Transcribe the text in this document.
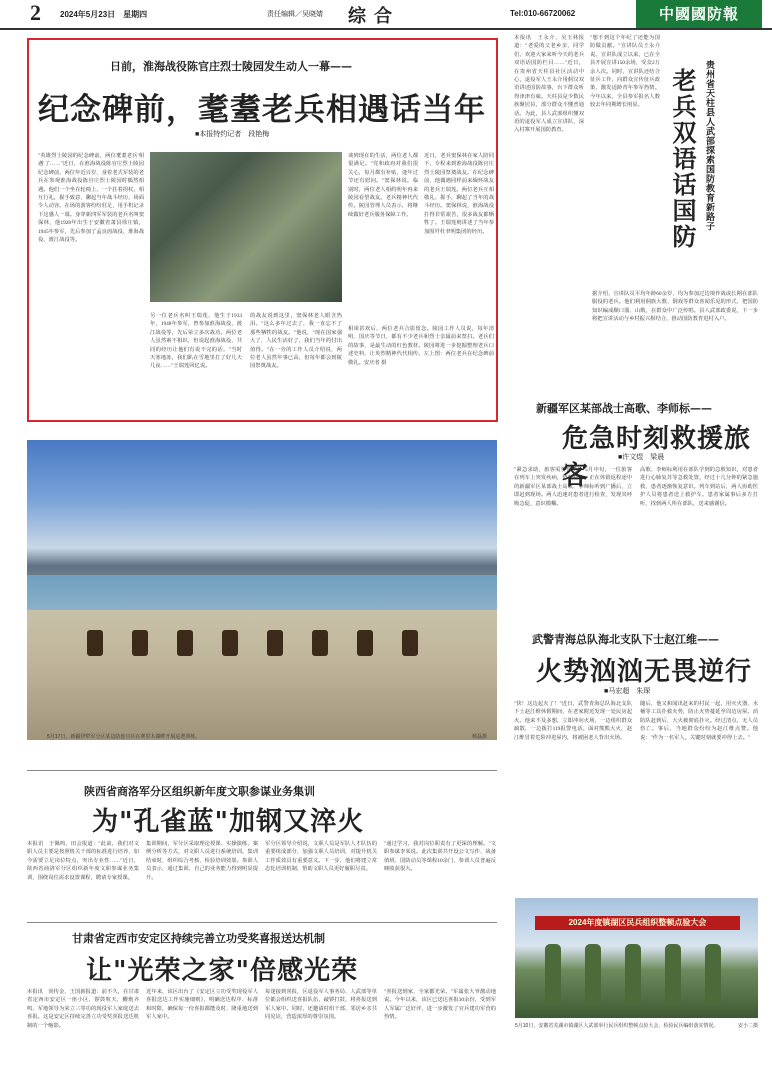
2 2024年5月23日　星期四	责任编辑／吴晓婧 综合	Tel:010-66720062	中國國防報
日前，淮海战役陈官庄烈士陵园发生动人一幕——
纪念碑前，耄耋老兵相遇话当年
■本报特约记者　段艳梅
"英雄烈士陵园的纪念碑前，两位耄耋老兵'相遇'了……"近日，在淮海战役陈官庄烈士陵园纪念碑前，两位年近百岁、身着老式军装的老兵在参观淮海战役陈官庄烈士陵园时偶然相遇。他们一个坐在轮椅上，一个拄着拐杖，相互行礼，握手致意，聊起当年战斗经历，场面令人动容。在场的游客纷纷驻足，用手机记录下这感人一幕。身穿新四军军装的老兵名叫窦保林，他1928年出生于安徽省萧县徐庄镇，1945年参军，先后参加了孟良崮战役、淮海战役、渡江战役等。
另一位老兵名叫王瑞莲，他生于1933年，1948年参军，曾参加淮海战役、渡江战役等，先后荣立多次战功。两位老人虽然素不相识，但说起淮海战役，共同的经历让他们有说不完的话。"当时天寒地冻，我们趴在雪地里打了好几天几夜……"王瑞莲回忆说。
的战友说到这里，窦保林老人眼含热泪。"这么多年过去了，我一直忘不了那些牺牲的战友。"他说，"现在国家强大了，人民生活好了，我们当年的付出值得。"在一旁的工作人员介绍说，两位老人虽然年事已高，但每年都会到陵园祭奠战友。
谈到现在的生活，两位老人都很满足。"党和政府对我们很关心，每月都有补贴，逢年过节还有慰问。"窦保林说。临别时，两位老人相约明年再来陵园看望战友。老兵精神代代传。陵园管理人员表示，将继续做好老兵服务保障工作。
近日，老兵窦保林在家人陪同下，专程来到淮海战役陈官庄烈士陵园祭奠战友。在纪念碑前，他偶遇同样前来缅怀战友的老兵王瑞莲。两位老兵互相敬礼、握手，聊起了当年的战斗经历。窦保林说，淮海战役打得非常艰苦，很多战友都牺牲了。王瑞莲则讲述了当年参加围歼杜聿明集团的经历。
相谈甚欢后，两位老兵合影留念。陵园工作人员说，每年清明、国庆等节日，都有不少老兵和烈士亲属前来祭扫。老兵们的故事，是最生动的红色教材。陵园将进一步挖掘整理老兵口述史料，让英烈精神代代相传。左上图：两位老兵在纪念碑前敬礼。安庆者 摄
本报讯　王永介、吴玉林报道："老爱的父老乡亲，同学们，欢迎大家来听今天的老兵双语话国防栏目……"近日，在贵州省天柱县社区活动中心，退役军人王永介用侗汉双语讲述国防故事，台下群众听得津津有味。天柱县是少数民族聚居县，部分群众不懂普通话。为此，县人武部组织懂双语的退役军人成立宣讲队，深入村寨开展国防教育。
"想不到这个年纪了还能为国防做贡献。"宣讲队员王永介说。宣讲队成立以来，已在全县开展宣讲150余场，受众2万余人次。同时，宣讲队还结合征兵工作，向群众宣传征兵政策，激发适龄青年参军热情。今年以来，全县参军报名人数较去年同期增长明显。	贵州省天柱县人武部探索国防教育新路子
老兵双语话国防
据介绍，宣讲队员平均年龄60余岁，均为参加过边境作战或长期在部队服役的老兵。他们利用侗族大歌、侗戏等群众喜闻乐见的形式，把国防知识编成顺口溜、山歌，在群众中广泛传唱。县人武部政委说，下一步将把宣讲活动与乡村振兴相结合，推动国防教育进村入户。
新疆军区某部战士高歌、李师标——
危急时刻救援旅客
■许文煜　梁晨
"紧急求助，旅客需要帮助！"5月中旬，一位旅客在列车上突发疾病，情况危急。正在休假返程途中的新疆军区某部战士高歌、李师标听到广播后，立即赶到现场。两人迅速对患者进行检查，发现其呼吸急促、意识模糊。
高歌、李师标利用在部队学到的急救知识，对患者进行心肺复苏等急救处置。经过十几分钟的紧急施救，患者逐渐恢复意识。列车到站后，两人协助医护人员将患者送上救护车。患者家属事后多方打听，找到两人所在部队，送来感谢信。
5月17日，新疆伊犁军分区某边防连官兵在赛里木湖畔开展巡逻训练。	杨磊摄
武警青海总队海北支队下士赵江维——
火势汹汹无畏逆行
■马宏超　朱琛
"快！这边起火了！"近日，武警青海总队海北支队下士赵江维休假期间，在老家附近发现一处民房起火。他来不及多想，立即冲向火场，一边组织群众疏散，一边拨打119报警电话。面对熊熊大火，赵江维冒着危险冲进屋内，将被困老人背出火场。
随后，他又和闻讯赶来的村民一起，用灭火器、水桶等工具扑救火势，防止火势蔓延至周边房屋。消防队赶到后，大火被彻底扑灭。经过清点，无人员伤亡。事后，当地群众纷纷为赵江维点赞。他说："作为一名军人，关键时刻就要冲得上去。"
陕西省商洛军分区组织新年度文职参谋业务集训
为"孔雀蓝"加钢又淬火
本报讯　于佩鸣、田会报道："此前，我们对文职人员主要是按照机关干部的标准进行培养，如今需要立足岗位特点，突出专业性……"近日，陕西省商洛军分区组织新年度文职参谋业务集训，围绕岗位需求设置课程，聘请专家授课。
集训期间，军分区采取理论授课、实操演练、案例分析等方式，对文职人员进行系统培训。集训结束时，组织综合考核，检验培训效果。参训人员表示，通过集训，自己的业务能力得到明显提升。
军分区领导介绍说，文职人员是军队人才队伍的重要组成部分，加强文职人员培训，对提升机关工作质效具有重要意义。下一步，他们将建立常态化培训机制，帮助文职人员更好履职尽责。
"通过学习，我对岗位职责有了更深的理解。"文职参谋李某说。此次集训共开设公文写作、战备值班、国防动员等课程10余门，参训人员普遍反映收获很大。
甘肃省定西市安定区持续完善立功受奖喜报送达机制
让"光荣之家"倍感光荣
本报讯　尚传金、王国新报道：前不久，在甘肃省定西市安定区一座小区，锣鼓喧天，鞭炮齐鸣，军地领导为荣立三等功的现役军人家庭送去喜报。这是安定区持续完善立功受奖喜报送达机制的一个缩影。
近年来，该区出台了《安定区立功受奖现役军人喜报送达工作实施细则》，明确送达程序、标准和时限，确保每一份喜报都能及时、隆重地送到军人家中。
每逢接到喜报，区退役军人事务局、人武部等单位都会组织送喜报队伍，敲锣打鼓，将喜报送到军人家中。同时，还邀请村组干部、邻居乡亲共同见证，营造浓厚的尊崇氛围。
"喜报送到家，全家都光荣。"军属张大爷激动地说。今年以来，该区已送达喜报30余份，受到军人军属广泛好评，进一步激发了官兵建功军营的热情。
2024年度镇湖区民兵组织整顿点验大会
5月10日，安徽省芜湖市镇湖区人武部举行民兵组织整顿点验大会，检验民兵编组落实情况。	安小二摄
